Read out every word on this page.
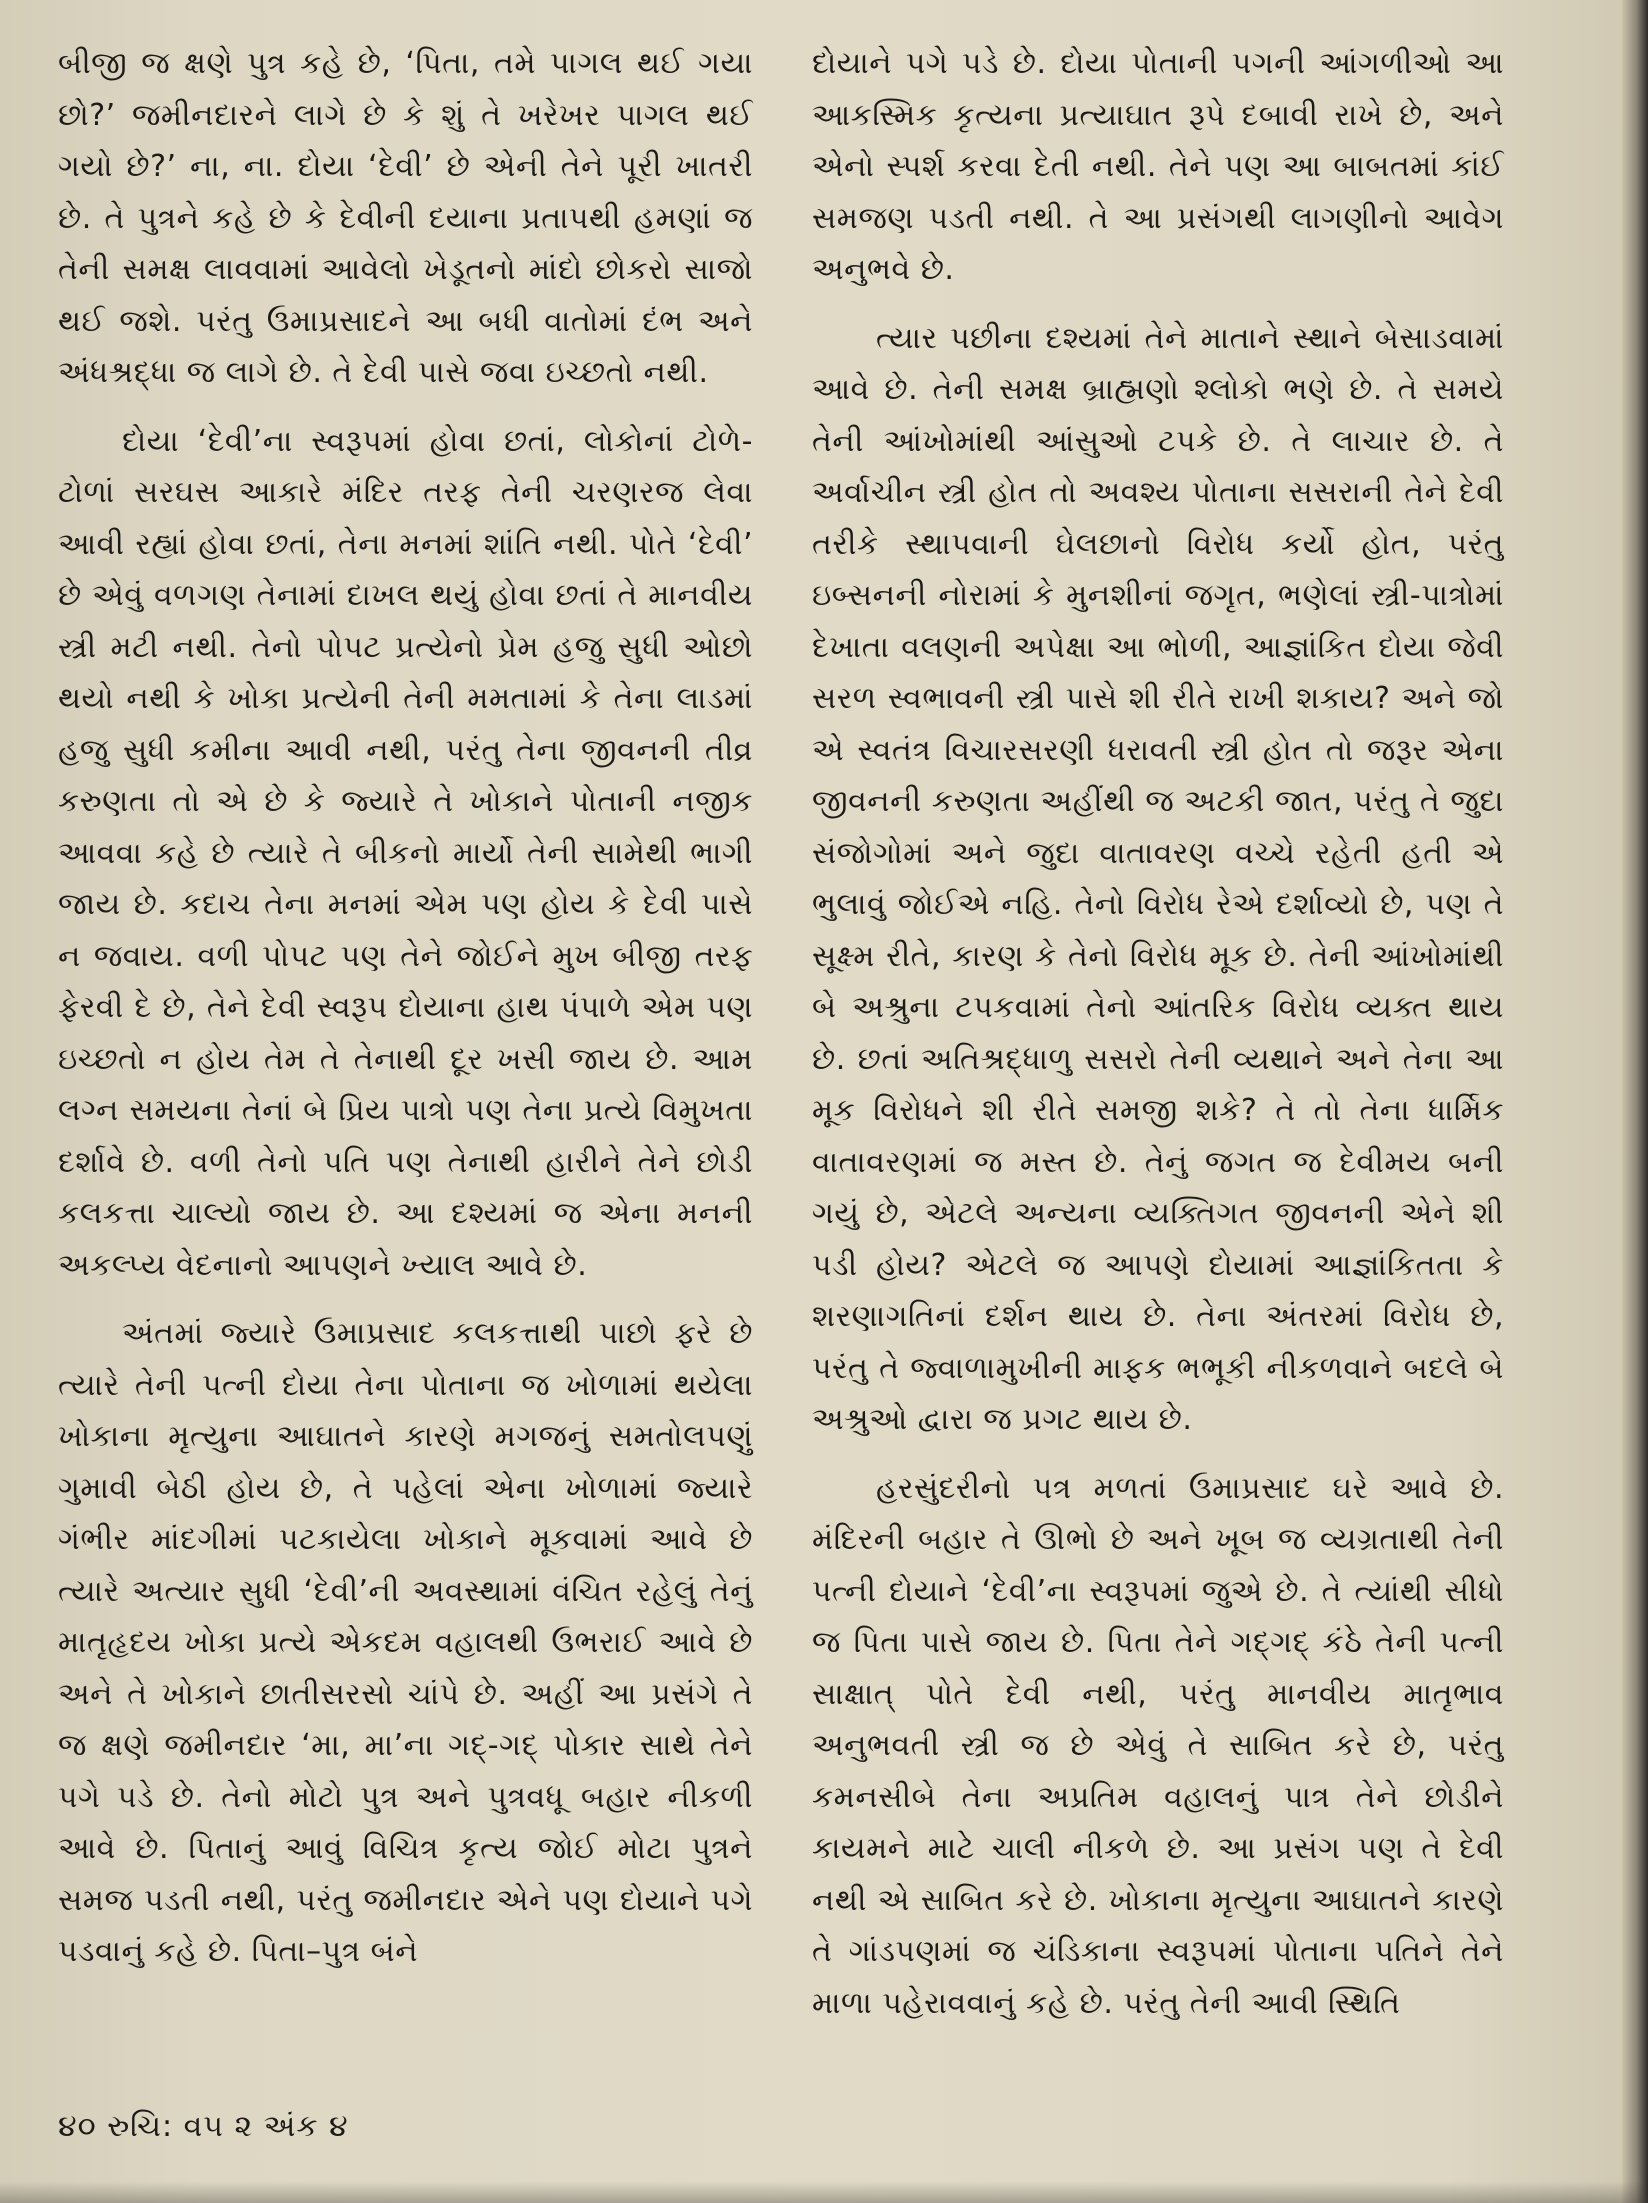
બીજી જ ક્ષણે પુત્ર કહે છે, ‘પિતા, તમે પાગલ થઈ ગયા છો?’ જમીનદારને લાગે છે કે શું તે ખરેખર પાગલ થઈ ગયો છે?’ ના, ના. દોયા ‘દેવી’ છે એની તેને પૂરી ખાતરી છે. તે પુત્રને કહે છે કે દેવીની દયાના પ્રતાપથી હમણાં જ તેની સમક્ષ લાવવામાં આવેલો ખેડૂતનો માંદો છોકરો સાજો થઈ જશે. પરંતુ ઉમાપ્રસાદને આ બધી વાતોમાં દંભ અને અંધશ્રદ્ધા જ લાગે છે. તે દેવી પાસે જવા ઇચ્છતો નથી.

દોયા ‘દેવી’ના સ્વરૂપમાં હોવા છતાં, લોકોનાં ટોળે-ટોળાં સરઘસ આકારે મંદિર તરફ તેની ચરણરજ લેવા આવી રહ્યાં હોવા છતાં, તેના મનમાં શાંતિ નથી. પોતે ‘દેવી’ છે એવું વળગણ તેનામાં દાખલ થયું હોવા છતાં તે માનવીય સ્ત્રી મટી નથી. તેનો પોપટ પ્રત્યેનો પ્રેમ હજુ સુધી ઓછો થયો નથી કે ખોકા પ્રત્યેની તેની મમતામાં કે તેના લાડમાં હજુ સુધી કમીના આવી નથી, પરંતુ તેના જીવનની તીવ્ર કરુણતા તો એ છે કે જ્યારે તે ખોકાને પોતાની નજીક આવવા કહે છે ત્યારે તે બીકનો માર્યો તેની સામેથી ભાગી જાય છે. કદાચ તેના મનમાં એમ પણ હોય કે દેવી પાસે ન જવાય. વળી પોપટ પણ તેને જોઈને મુખ બીજી તરફ ફેરવી દે છે, તેને દેવી સ્વરૂપ દોયાના હાથ પંપાળે એમ પણ ઇચ્છતો ન હોય તેમ તે તેનાથી દૂર ખસી જાય છે. આમ લગ્ન સમયના તેનાં બે પ્રિય પાત્રો પણ તેના પ્રત્યે વિમુખતા દર્શાવે છે. વળી તેનો પતિ પણ તેનાથી હારીને તેને છોડી કલકત્તા ચાલ્યો જાય છે. આ દશ્યમાં જ એના મનની અકલ્પ્ય વેદનાનો આપણને ખ્યાલ આવે છે.

અંતમાં જ્યારે ઉમાપ્રસાદ કલકત્તાથી પાછો ફરે છે ત્યારે તેની પત્ની દોયા તેના પોતાના જ ખોળામાં થયેલા ખોકાના મૃત્યુના આઘાતને કારણે મગજનું સમતોલપણું ગુમાવી બેઠી હોય છે, તે પહેલાં એના ખોળામાં જ્યારે ગંભીર માંદગીમાં પટકાયેલા ખોકાને મૂકવામાં આવે છે ત્યારે અત્યાર સુધી ‘દેવી’ની અવસ્થામાં વંચિત રહેલું તેનું માતૃહૃદય ખોકા પ્રત્યે એકદમ વહાલથી ઉભરાઈ આવે છે અને તે ખોકાને છાતીસરસો ચાંપે છે. અહીં આ પ્રસંગે તે જ ક્ષણે જમીનદાર ‘મા, મા’ના ગદ્-ગદ્ પોકાર સાથે તેને પગે પડે છે. તેનો મોટો પુત્ર અને પુત્રવધૂ બહાર નીકળી આવે છે. પિતાનું આવું વિચિત્ર કૃત્ય જોઈ મોટા પુત્રને સમજ પડતી નથી, પરંતુ જમીનદાર એને પણ દોયાને પગે પડવાનું કહે છે. પિતા–પુત્ર બંને

દોયાને પગે પડે છે. દોયા પોતાની પગની આંગળીઓ આ આકસ્મિક કૃત્યના પ્રત્યાઘાત રૂપે દબાવી રાખે છે, અને એનો સ્પર્શ કરવા દેતી નથી. તેને પણ આ બાબતમાં કાંઈ સમજણ પડતી નથી. તે આ પ્રસંગથી લાગણીનો આવેગ અનુભવે છે.

ત્યાર પછીના દશ્યમાં તેને માતાને સ્થાને બેસાડવામાં આવે છે. તેની સમક્ષ બ્રાહ્મણો શ્લોકો ભણે છે. તે સમયે તેની આંખોમાંથી આંસુઓ ટપકે છે. તે લાચાર છે. તે અર્વાચીન સ્ત્રી હોત તો અવશ્ય પોતાના સસરાની તેને દેવી તરીકે સ્થાપવાની ઘેલછાનો વિરોધ કર્યો હોત, પરંતુ ઇબ્સનની નોરામાં કે મુનશીનાં જગૃત, ભણેલાં સ્ત્રી-પાત્રોમાં દેખાતા વલણની અપેક્ષા આ ભોળી, આજ્ઞાંકિત દોયા જેવી સરળ સ્વભાવની સ્ત્રી પાસે શી રીતે રાખી શકાય? અને જો એ સ્વતંત્ર વિચારસરણી ધરાવતી સ્ત્રી હોત તો જરૂર એના જીવનની કરુણતા અહીંથી જ અટકી જાત, પરંતુ તે જુદા સંજોગોમાં અને જુદા વાતાવરણ વચ્ચે રહેતી હતી એ ભુલાવું જોઈએ નહિ. તેનો વિરોધ રેએ દર્શાવ્યો છે, પણ તે સૂક્ષ્મ રીતે, કારણ કે તેનો વિરોધ મૂક છે. તેની આંખોમાંથી બે અશ્રુના ટપકવામાં તેનો આંતરિક વિરોધ વ્યક્ત થાય છે. છતાં અતિશ્રદ્ધાળુ સસરો તેની વ્યથાને અને તેના આ મૂક વિરોધને શી રીતે સમજી શકે? તે તો તેના ધાર્મિક વાતાવરણમાં જ મસ્ત છે. તેનું જગત જ દેવીમય બની ગયું છે, એટલે અન્યના વ્યક્તિગત જીવનની એને શી પડી હોય? એટલે જ આપણે દોયામાં આજ્ઞાંકિતતા કે શરણાગતિનાં દર્શન થાય છે. તેના અંતરમાં વિરોધ છે, પરંતુ તે જ્વાળામુખીની માફક ભભૂકી નીકળવાને બદલે બે અશ્રુઓ દ્વારા જ પ્રગટ થાય છે.

હરસુંદરીનો પત્ર મળતાં ઉમાપ્રસાદ ઘરે આવે છે. મંદિરની બહાર તે ઊભો છે અને ખૂબ જ વ્યગ્રતાથી તેની પત્ની દોયાને ‘દેવી’ના સ્વરૂપમાં જુએ છે. તે ત્યાંથી સીધો જ પિતા પાસે જાય છે. પિતા તેને ગદ્ગદ્ કંઠે તેની પત્ની સાક્ષાત્ પોતે દેવી નથી, પરંતુ માનવીય માતૃભાવ અનુભવતી સ્ત્રી જ છે એવું તે સાબિત કરે છે, પરંતુ કમનસીબે તેના અપ્રતિમ વહાલનું પાત્ર તેને છોડીને કાયમને માટે ચાલી નીકળે છે. આ પ્રસંગ પણ તે દેવી નથી એ સાબિત કરે છે. ખોકાના મૃત્યુના આઘાતને કારણે તે ગાંડપણમાં જ ચંડિકાના સ્વરૂપમાં પોતાના પતિને તેને માળા પહેરાવવાનું કહે છે. પરંતુ તેની આવી સ્થિતિ

૪૦ રુચિ: વ૫ ૨ અંક ૪
